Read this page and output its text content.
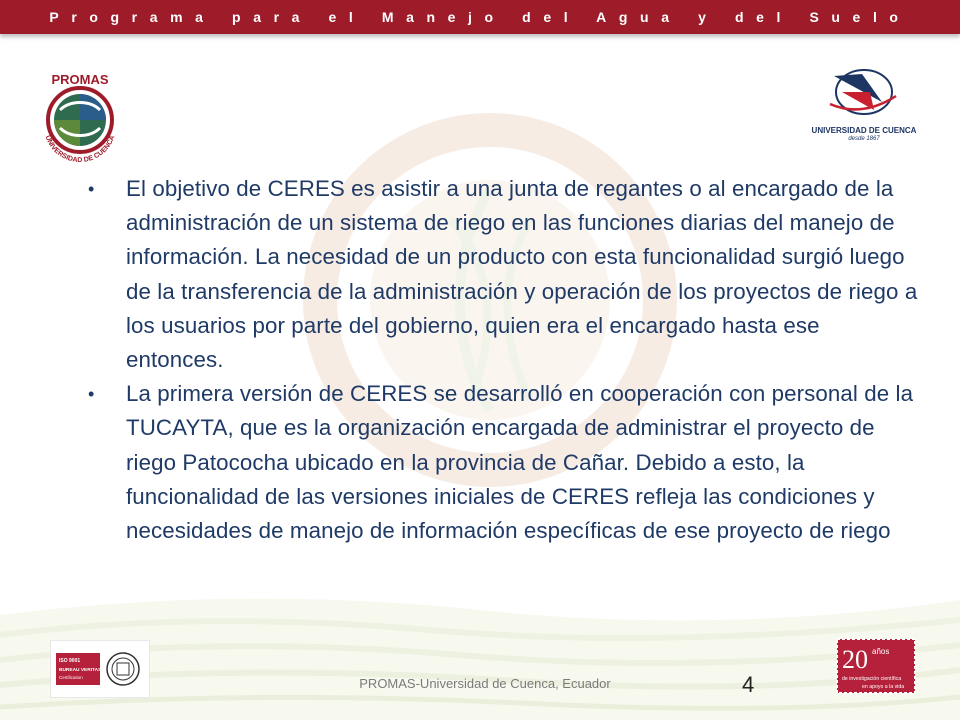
Programa para el Manejo del Agua y del Suelo
PROMAS
UNIVERSIDAD DE CUENCA
UNIVERSIDAD DE CUENCA
desde 1867
• El objetivo de CERES es asistir a una junta de regantes o al encargado de la administración de un sistema de riego en las funciones diarias del manejo de información. La necesidad de un producto con esta funcionalidad surgió luego de la transferencia de la administración y operación de los proyectos de riego a los usuarios por parte del gobierno, quien era el encargado hasta ese entonces.
• La primera versión de CERES se desarrolló en cooperación con personal de la TUCAYTA, que es la organización encargada de administrar el proyecto de riego Patococha ubicado en la provincia de Cañar. Debido a esto, la funcionalidad de las versiones iniciales de CERES refleja las condiciones y necesidades de manejo de información específicas de ese proyecto de riego
ISO 9001
BUREAU VERITAS
Certification	PROMAS-Universidad de Cuenca, Ecuador	4
20 años
de investigación científica
en apoyo a la vida
